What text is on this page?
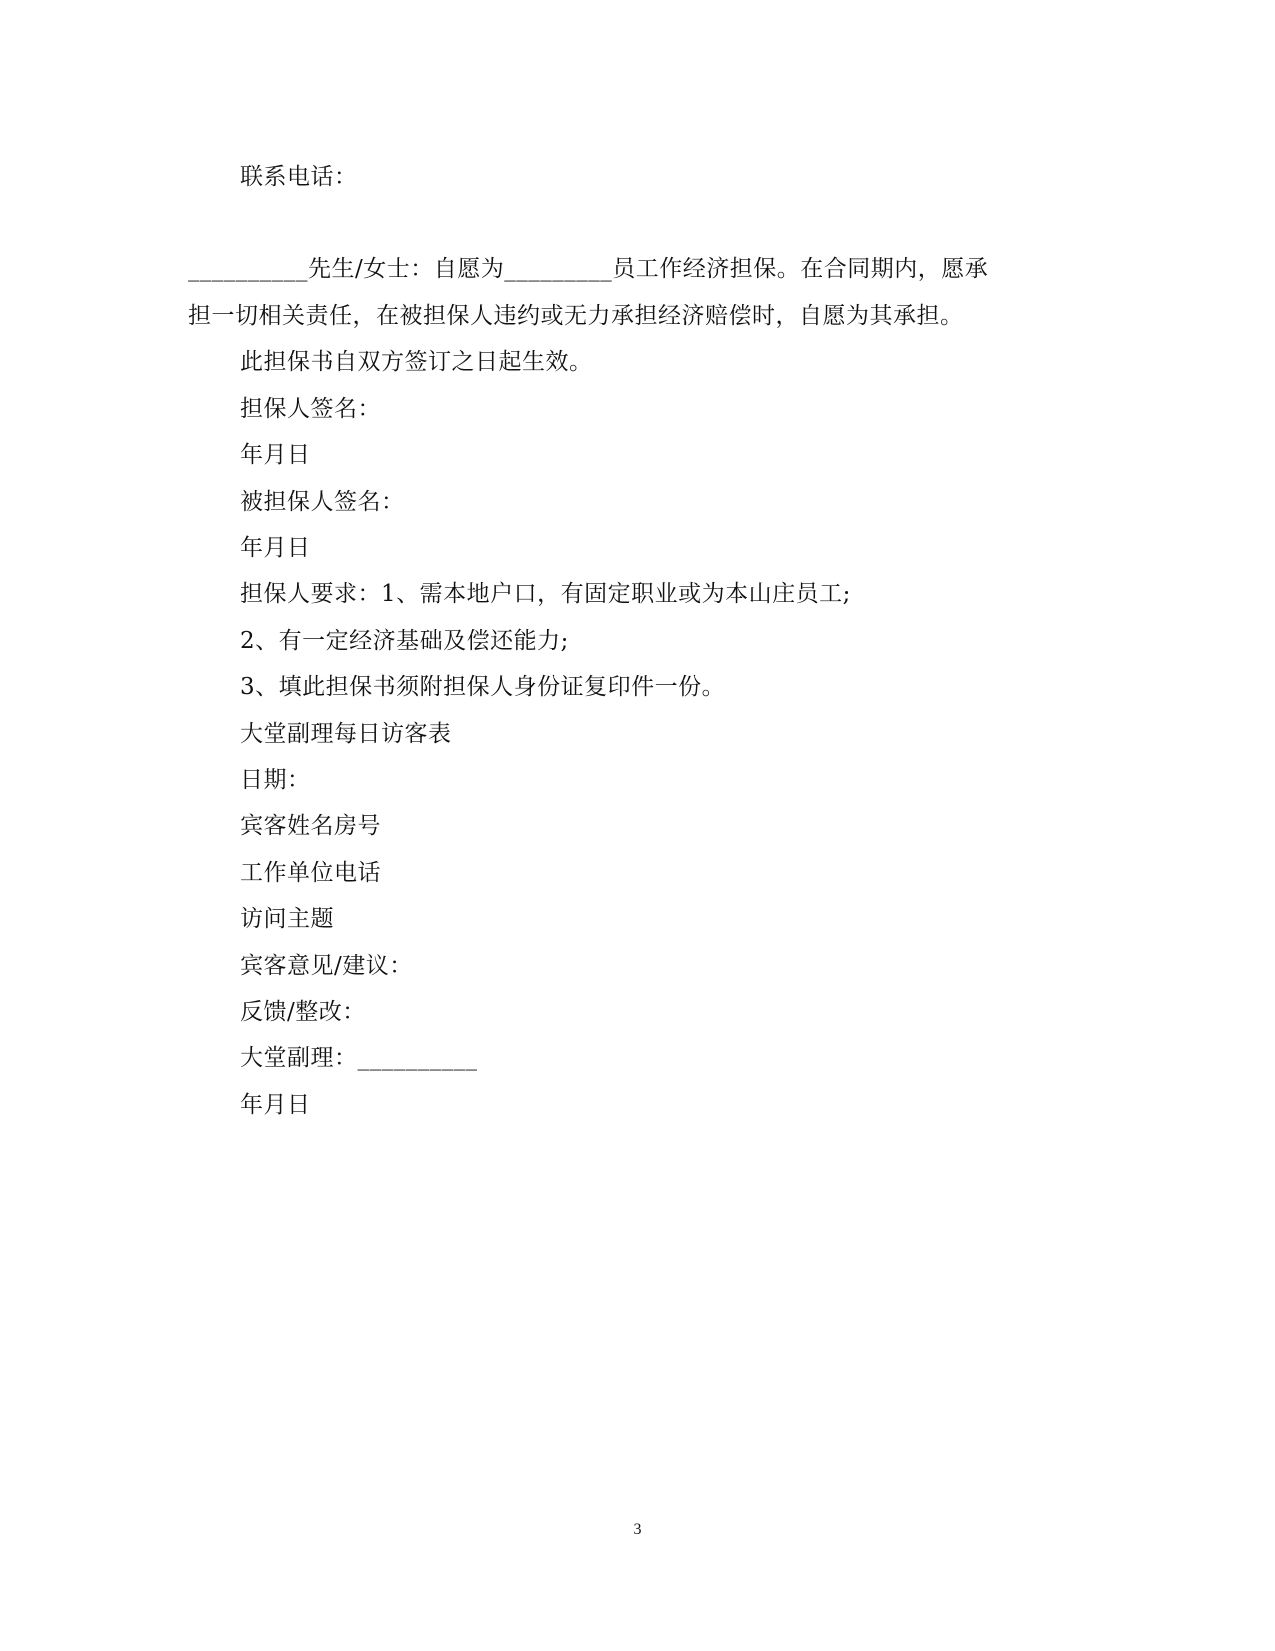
联系电话：
__________先生/女士：自愿为_________员工作经济担保。在合同期内，愿承
担一切相关责任，在被担保人违约或无力承担经济赔偿时，自愿为其承担。
此担保书自双方签订之日起生效。
担保人签名：
年月日
被担保人签名：
年月日
担保人要求：1、需本地户口，有固定职业或为本山庄员工;
2、有一定经济基础及偿还能力;
3、填此担保书须附担保人身份证复印件一份。
大堂副理每日访客表
日期：
宾客姓名房号
工作单位电话
访问主题
宾客意见/建议：
反馈/整改：
大堂副理：__________
年月日
3
